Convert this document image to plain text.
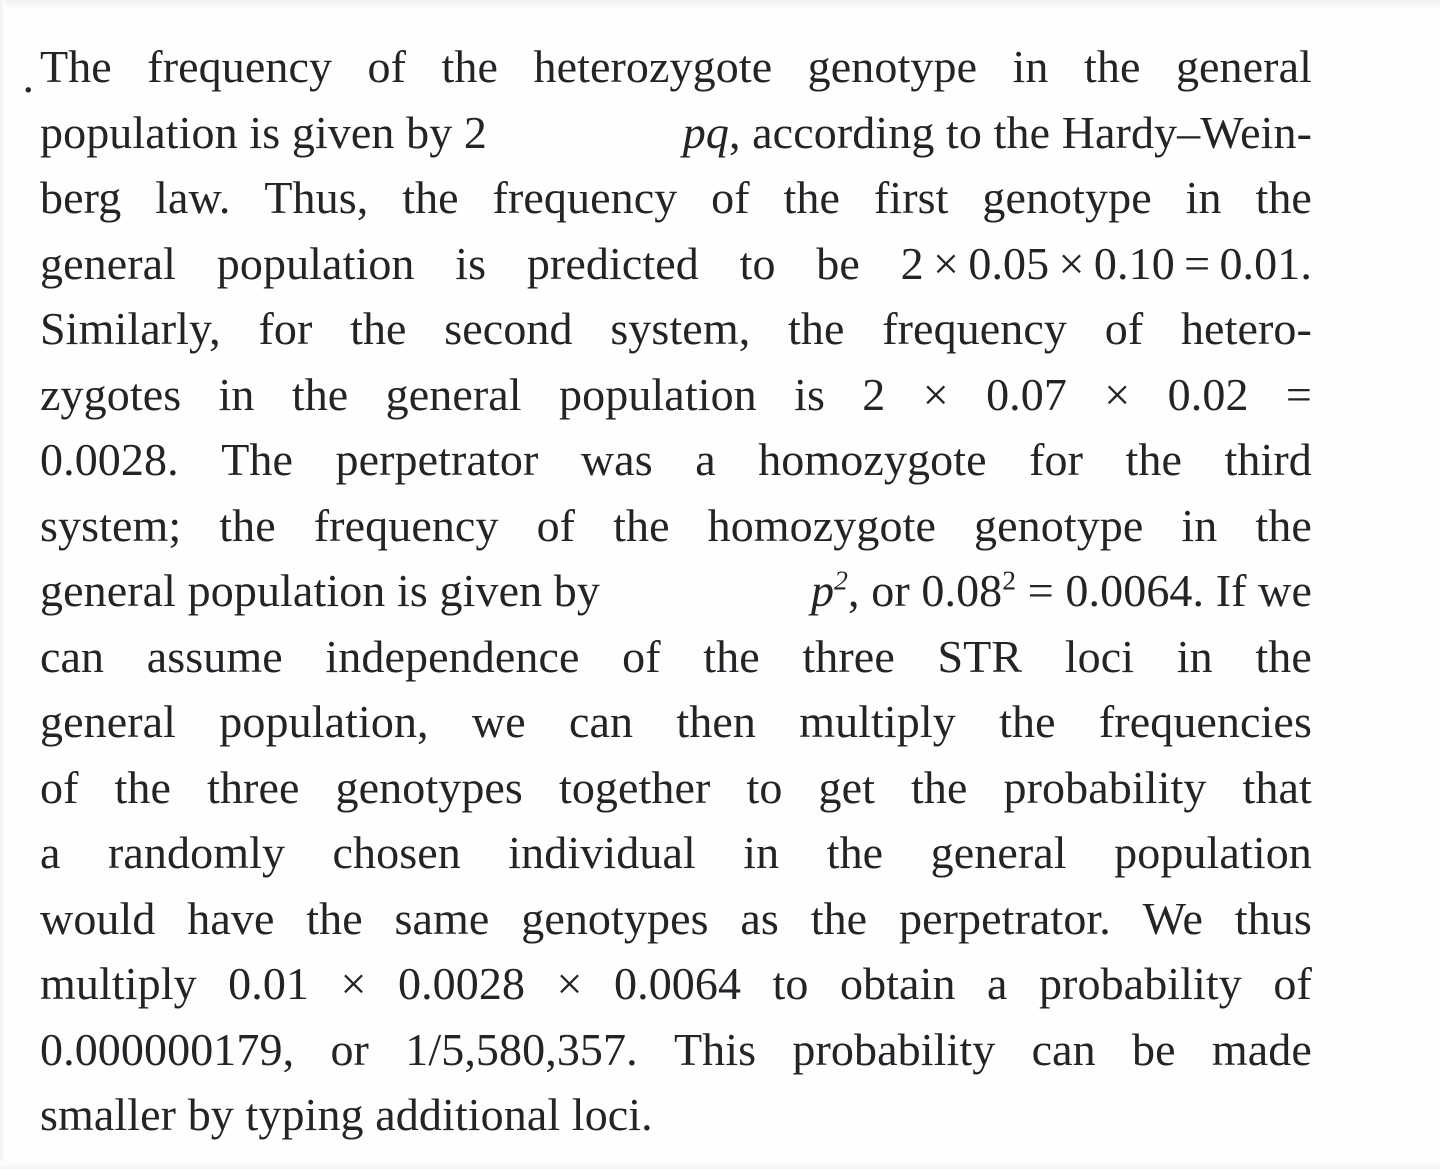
. The frequency of the heterozygote genotype in the general
population is given by 2	pq, according to the Hardy–Wein-
berg law. Thus, the frequency of the first genotype in the
general population is predicted to be 2 × 0.05 × 0.10 = 0.01.
Similarly, for the second system, the frequency of hetero-
zygotes in the general population is 2 × 0.07 × 0.02 =
0.0028. The perpetrator was a homozygote for the third
system; the frequency of the homozygote genotype in the
general population is given by	$p^2$, or $0.08^2 = 0.0064$. If we
can assume independence of the three STR loci in the
general population, we can then multiply the frequencies
of the three genotypes together to get the probability that
a randomly chosen individual in the general population
would have the same genotypes as the perpetrator. We thus
multiply 0.01 × 0.0028 × 0.0064 to obtain a probability of
0.000000179, or 1/5,580,357. This probability can be made
smaller by typing additional loci.
